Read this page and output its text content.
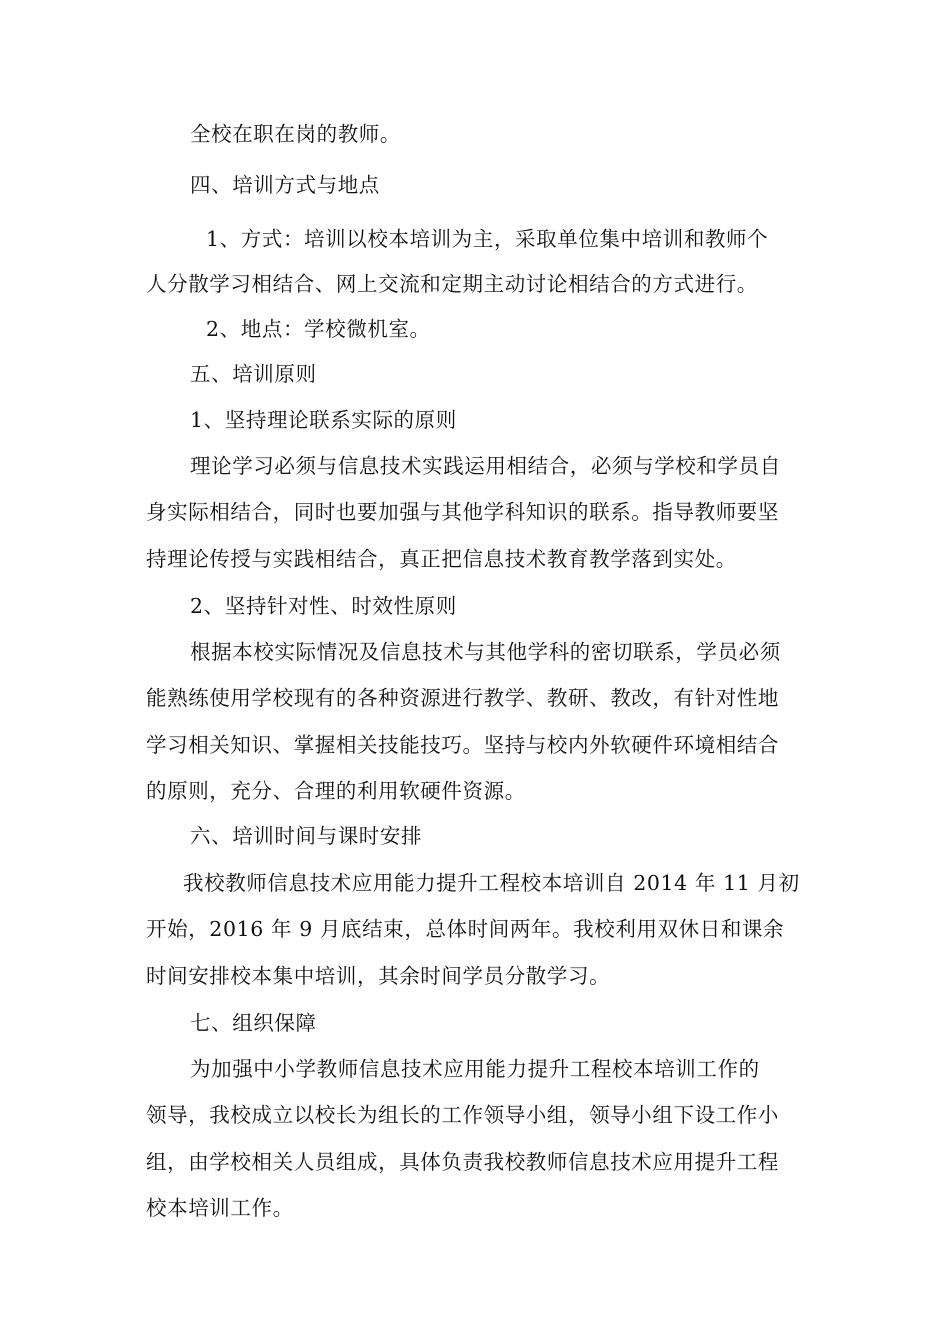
全校在职在岗的教师。
四、培训方式与地点
1、方式：培训以校本培训为主，采取单位集中培训和教师个
人分散学习相结合、网上交流和定期主动讨论相结合的方式进行。
2、地点：学校微机室。
五、培训原则
1、坚持理论联系实际的原则
理论学习必须与信息技术实践运用相结合，必须与学校和学员自
身实际相结合，同时也要加强与其他学科知识的联系。指导教师要坚
持理论传授与实践相结合，真正把信息技术教育教学落到实处。
2、坚持针对性、时效性原则
根据本校实际情况及信息技术与其他学科的密切联系，学员必须
能熟练使用学校现有的各种资源进行教学、教研、教改，有针对性地
学习相关知识、掌握相关技能技巧。坚持与校内外软硬件环境相结合
的原则，充分、合理的利用软硬件资源。
六、培训时间与课时安排
我校教师信息技术应用能力提升工程校本培训自 2014 年 11 月初
开始，2016 年 9 月底结束，总体时间两年。我校利用双休日和课余
时间安排校本集中培训，其余时间学员分散学习。
七、组织保障
为加强中小学教师信息技术应用能力提升工程校本培训工作的
领导，我校成立以校长为组长的工作领导小组，领导小组下设工作小
组，由学校相关人员组成，具体负责我校教师信息技术应用提升工程
校本培训工作。
